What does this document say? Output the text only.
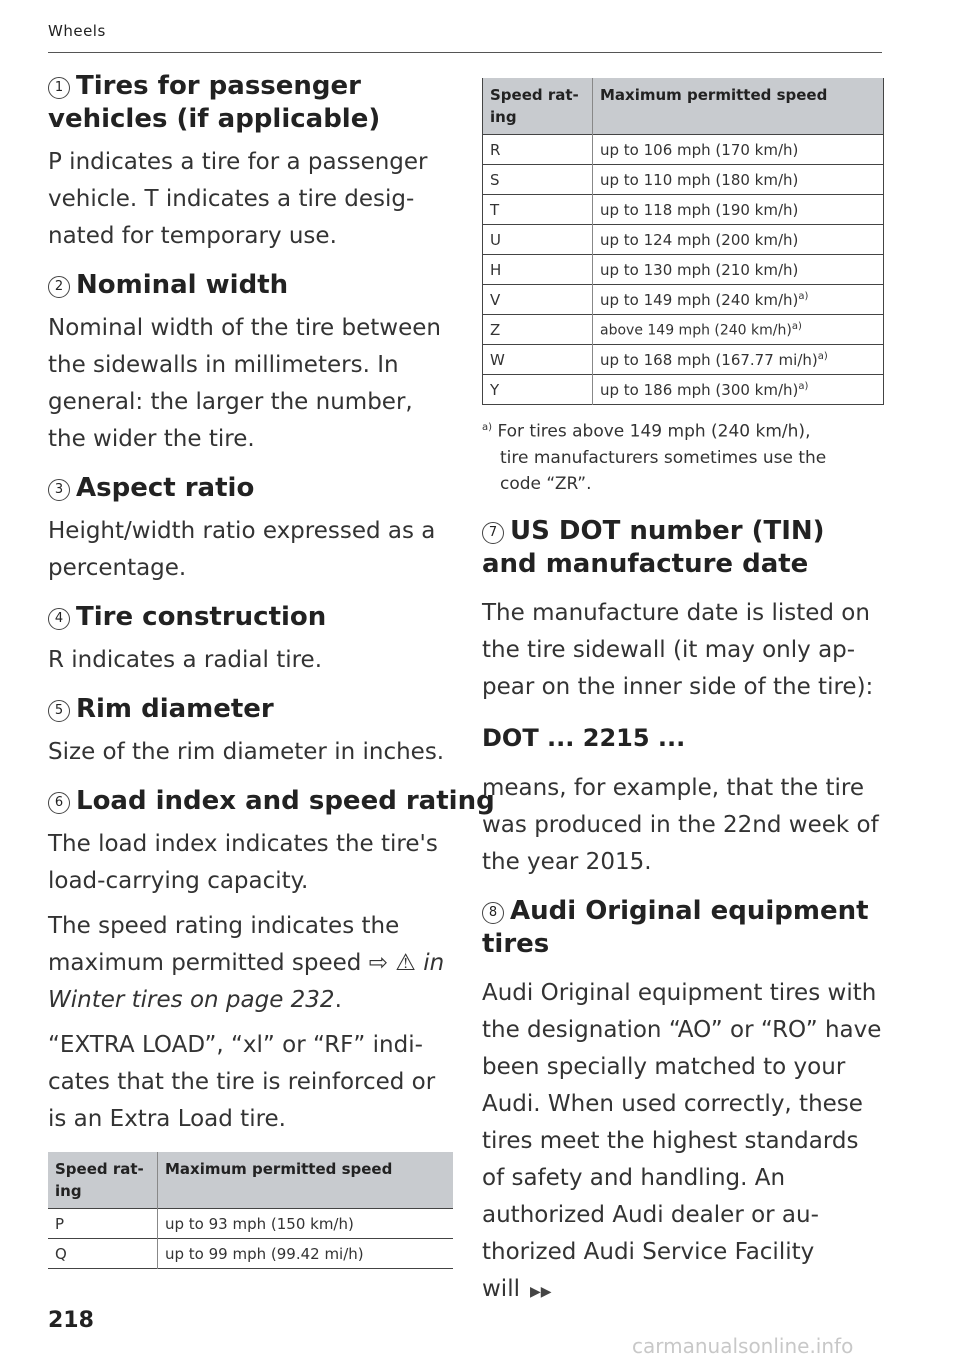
Wheels
1 Tires for passenger vehicles (if applicable)

P indicates a tire for a passenger vehicle. T indicates a tire designated for temporary use.

2 Nominal width

Nominal width of the tire between the sidewalls in millimeters. In general: the larger the number, the wider the tire.

3 Aspect ratio

Height/width ratio expressed as a percentage.

4 Tire construction

R indicates a radial tire.

5 Rim diameter

Size of the rim diameter in inches.

6 Load index and speed rating

The load index indicates the tire's load-carrying capacity.

The speed rating indicates the maximum permitted speed ⇨ ⚠ in Winter tires on page 232.

“EXTRA LOAD”, “xl” or “RF” indicates that the tire is reinforced or is an Extra Load tire.

Speed rating	Maximum permitted speed
P	up to 93 mph (150 km/h)
Q	up to 99 mph (99.42 mi/h)
Speed rating	Maximum permitted speed
R	up to 106 mph (170 km/h)
S	up to 110 mph (180 km/h)
T	up to 118 mph (190 km/h)
U	up to 124 mph (200 km/h)
H	up to 130 mph (210 km/h)
V	up to 149 mph (240 km/h)$^{a)}$
Z	above 149 mph (240 km/h)$^{a)}$
W	up to 168 mph (167.77 mi/h)$^{a)}$
Y	up to 186 mph (300 km/h)$^{a)}$
$^{a)}$ For tires above 149 mph (240 km/h),
tire manufacturers sometimes use the
code “ZR”.
7 US DOT number (TIN) and manufacture date

The manufacture date is listed on the tire sidewall (it may only appear on the inner side of the tire):

DOT ... 2215 ...

means, for example, that the tire was produced in the 22nd week of the year 2015.

8 Audi Original equipment tires

Audi Original equipment tires with the designation “AO” or “RO” have been specially matched to your Audi. When used correctly, these tires meet the highest standards of safety and handling. An authorized Audi dealer or authorized Audi Service Facility will ▶▶

218
carmanualsonline.info
